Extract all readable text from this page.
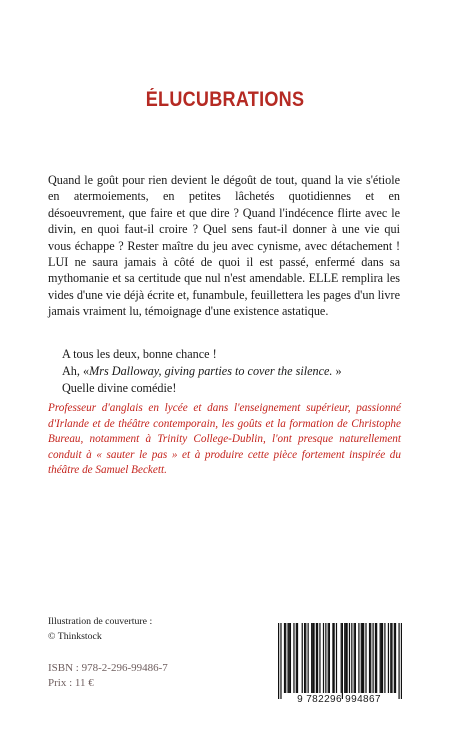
ÉLUCUBRATIONS

Quand le goût pour rien devient le dégoût de tout, quand la vie s'étiole en atermoiements, en petites lâchetés quotidiennes et en désoeuvrement, que faire et que dire ? Quand l'indécence flirte avec le divin, en quoi faut-il croire ? Quel sens faut-il donner à une vie qui vous échappe ? Rester maître du jeu avec cynisme, avec détachement ! LUI ne saura jamais à côté de quoi il est passé, enfermé dans sa mythomanie et sa certitude que nul n'est amendable. ELLE remplira les vides d'une vie déjà écrite et, funambule, feuillettera les pages d'un livre jamais vraiment lu, témoignage d'une existence astatique.

A tous les deux, bonne chance !

Ah, «Mrs Dalloway, giving parties to cover the silence. »

Quelle divine comédie!

Professeur d'anglais en lycée et dans l'enseignement supérieur, passionné d'Irlande et de théâtre contemporain, les goûts et la formation de Christophe Bureau, notamment à Trinity College-Dublin, l'ont presque naturellement conduit à « sauter le pas » et à produire cette pièce fortement inspirée du théâtre de Samuel Beckett.

Illustration de couverture :
© Thinkstock
ISBN : 978-2-296-99486-7
Prix : 11 €
9 782296 994867
